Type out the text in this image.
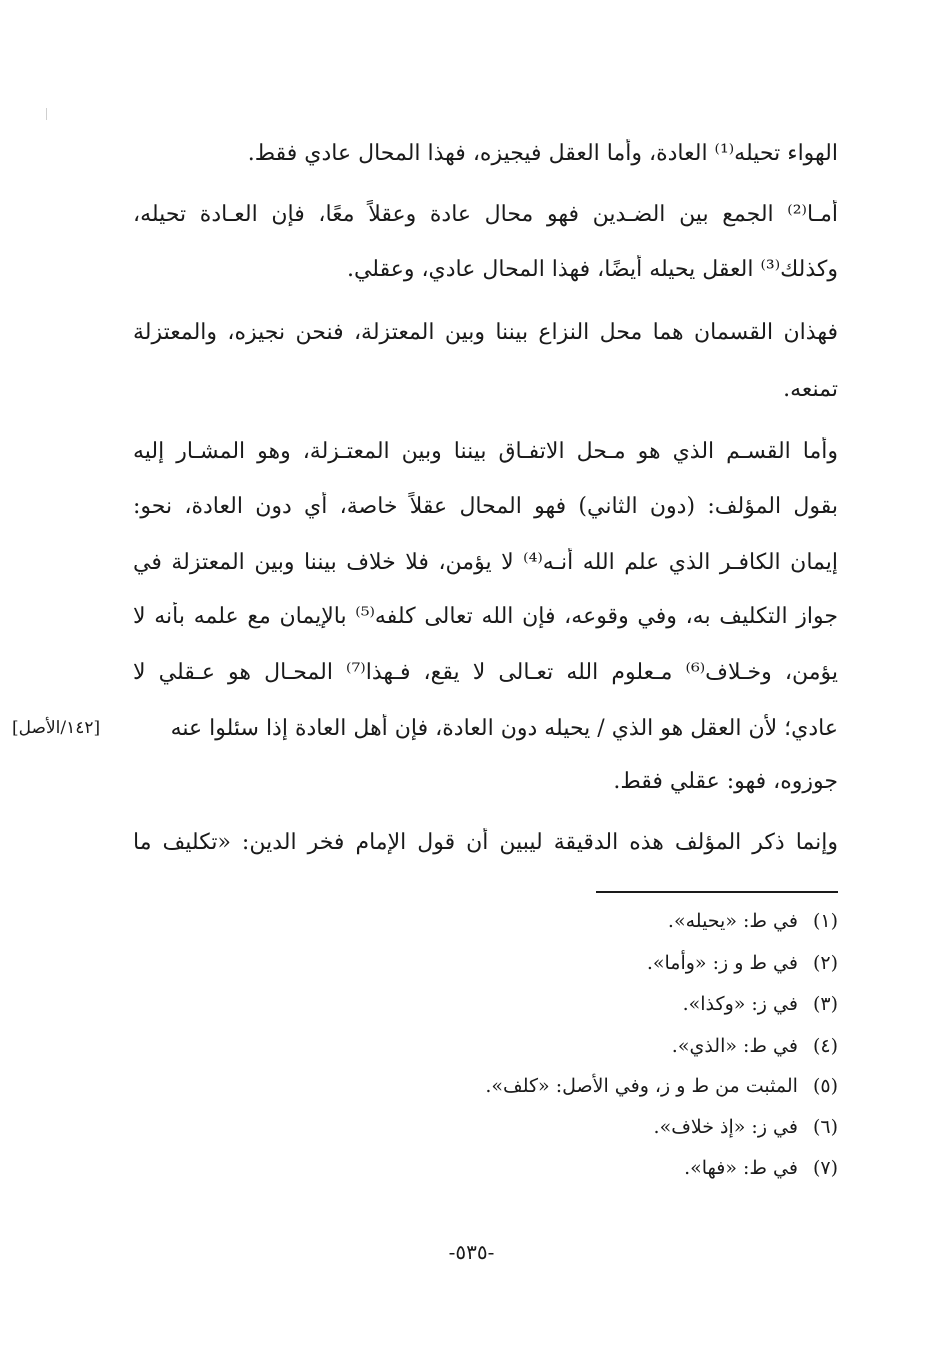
الهواء تحيله⁽¹⁾ العادة، وأما العقل فيجيزه، فهذا المحال عادي فقط.
أمـا⁽²⁾ الجمع بين الضـدين فهو محال عادة وعقلاً معًا، فإن العـادة تحيله،
وكذلك⁽³⁾ العقل يحيله أيضًا، فهذا المحال عادي، وعقلي.
فهذان القسمان هما محل النزاع بيننا وبين المعتزلة، فنحن نجيزه، والمعتزلة
تمنعه.
وأما القسـم الذي هو مـحل الاتفـاق بيننا وبين المعتـزلة، وهو المشـار إليه
بقول المؤلف: (دون الثاني) فهو المحال عقلاً خاصة، أي دون العادة، نحو:
إيمان الكافـر الذي علم الله أنـه⁽⁴⁾ لا يؤمن، فلا خلاف بيننا وبين المعتزلة في
جواز التكليف به، وفي وقوعه، فإن الله تعالى كلفه⁽⁵⁾ بالإيمان مع علمه بأنه لا
يؤمن، وخـلاف⁽⁶⁾ مـعلوم الله تعـالى لا يقع، فـهذا⁽⁷⁾ المحـال هو عـقلي لا
عادي؛ لأن العقل هو الذي / يحيله دون العادة، فإن أهل العادة إذا سئلوا عنه
جوزوه، فهو: عقلي فقط.
وإنما ذكر المؤلف هذه الدقيقة ليبين أن قول الإمام فخر الدين: «تكليف ما
[١٤٢/الأصل]
(١) في ط: «يحيله».
(٢) في ط و ز: «وأما».
(٣) في ز: «وكذا».
(٤) في ط: «الذي».
(٥) المثبت من ط و ز، وفي الأصل: «كلف».
(٦) في ز: «إذ خلاف».
(٧) في ط: «فها».
-٥٣٥-
